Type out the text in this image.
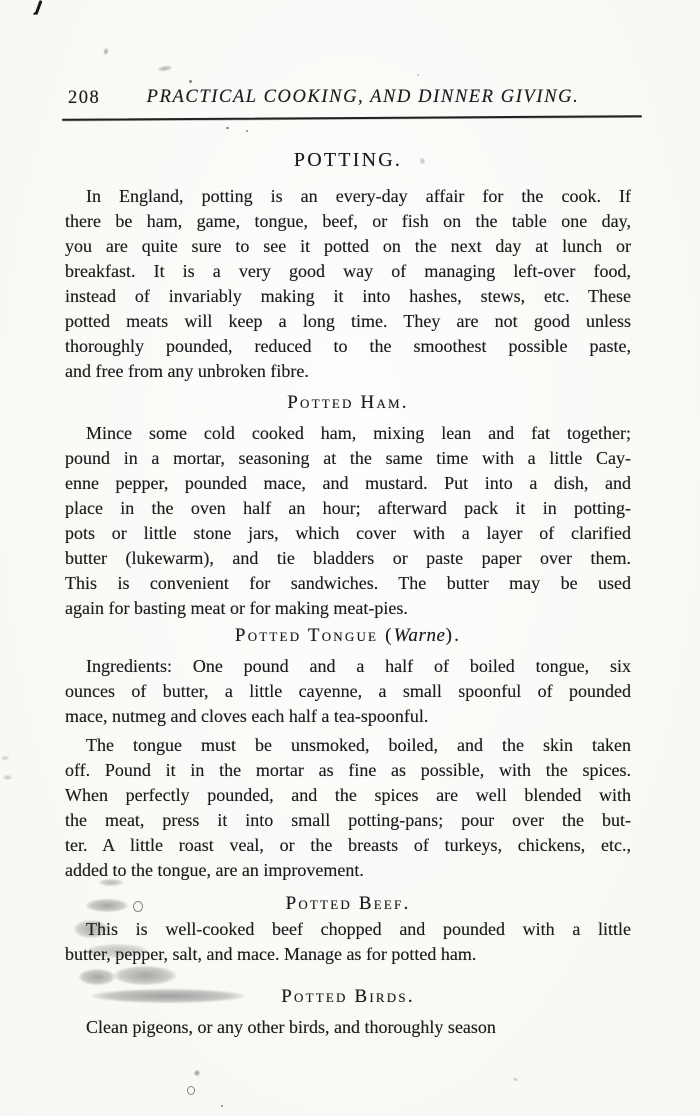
208	PRACTICAL COOKING, AND DINNER GIVING.
POTTING.
In England, potting is an every-day affair for the cook. If
there be ham, game, tongue, beef, or fish on the table one day,
you are quite sure to see it potted on the next day at lunch or
breakfast. It is a very good way of managing left-over food,
instead of invariably making it into hashes, stews, etc. These
potted meats will keep a long time. They are not good unless
thoroughly pounded, reduced to the smoothest possible paste,
and free from any unbroken fibre.
Potted Ham.
Mince some cold cooked ham, mixing lean and fat together;
pound in a mortar, seasoning at the same time with a little Cay-
enne pepper, pounded mace, and mustard. Put into a dish, and
place in the oven half an hour; afterward pack it in potting-
pots or little stone jars, which cover with a layer of clarified
butter (lukewarm), and tie bladders or paste paper over them.
This is convenient for sandwiches. The butter may be used
again for basting meat or for making meat-pies.
Potted Tongue (Warne).
Ingredients: One pound and a half of boiled tongue, six
ounces of butter, a little cayenne, a small spoonful of pounded
mace, nutmeg and cloves each half a tea-spoonful.
The tongue must be unsmoked, boiled, and the skin taken
off. Pound it in the mortar as fine as possible, with the spices.
When perfectly pounded, and the spices are well blended with
the meat, press it into small potting-pans; pour over the but-
ter. A little roast veal, or the breasts of turkeys, chickens, etc.,
added to the tongue, are an improvement.
Potted Beef.
This is well-cooked beef chopped and pounded with a little
butter, pepper, salt, and mace. Manage as for potted ham.
Potted Birds.
Clean pigeons, or any other birds, and thoroughly season
